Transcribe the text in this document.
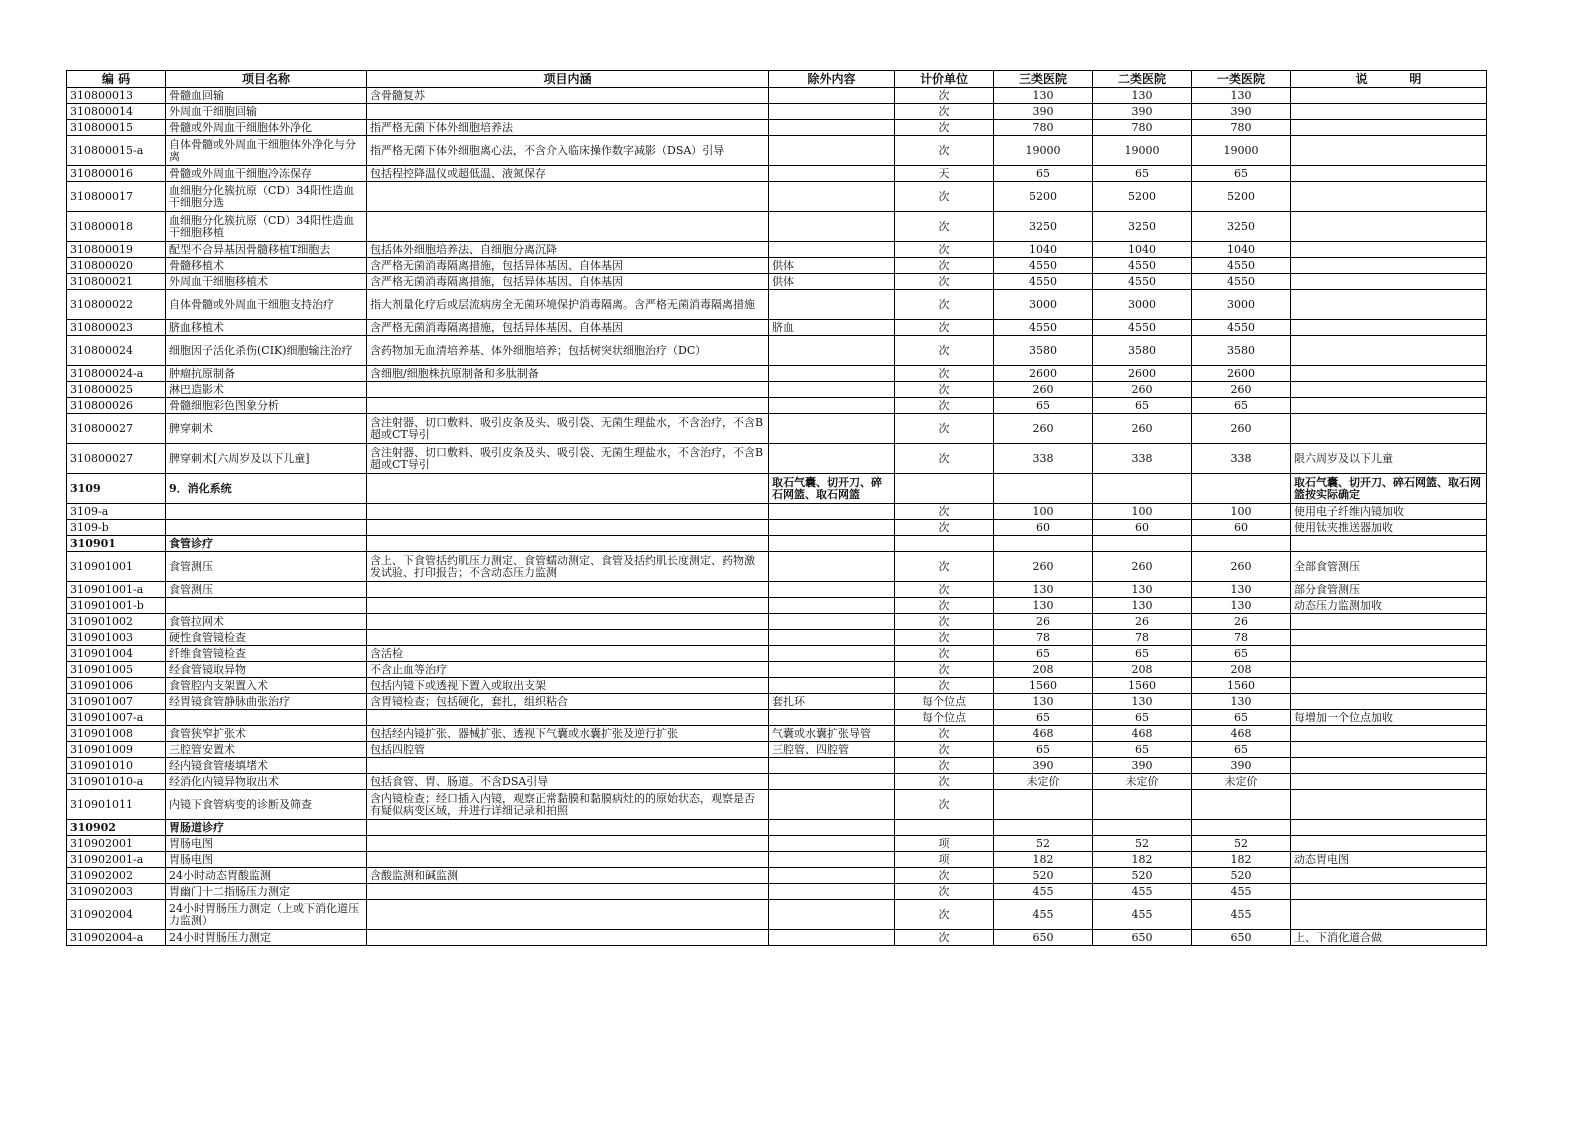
编 码	项目名称	项目内涵	除外内容	计价单位	三类医院	二类医院	一类医院	说          明
310800013	骨髓血回输	含骨髓复苏		次	130	130	130	
310800014	外周血干细胞回输			次	390	390	390	
310800015	骨髓或外周血干细胞体外净化	指严格无菌下体外细胞培养法		次	780	780	780	
310800015-a	自体骨髓或外周血干细胞体外净化与分离	指严格无菌下体外细胞离心法，不含介入临床操作数字减影（DSA）引导		次	19000	19000	19000	
310800016	骨髓或外周血干细胞冷冻保存	包括程控降温仪或超低温、液氮保存		天	65	65	65	
310800017	血细胞分化簇抗原（CD）34阳性造血干细胞分选			次	5200	5200	5200	
310800018	血细胞分化簇抗原（CD）34阳性造血干细胞移植			次	3250	3250	3250	
310800019	配型不合异基因骨髓移植T细胞去	包括体外细胞培养法、自细胞分离沉降		次	1040	1040	1040	
310800020	骨髓移植术	含严格无菌消毒隔离措施，包括异体基因、自体基因	供体	次	4550	4550	4550	
310800021	外周血干细胞移植术	含严格无菌消毒隔离措施，包括异体基因、自体基因	供体	次	4550	4550	4550	
310800022	自体骨髓或外周血干细胞支持治疗	指大剂量化疗后或层流病房全无菌环境保护消毒隔离。含严格无菌消毒隔离措施		次	3000	3000	3000	
310800023	脐血移植术	含严格无菌消毒隔离措施，包括异体基因、自体基因	脐血	次	4550	4550	4550	
310800024	细胞因子活化杀伤(CIK)细胞输注治疗	含药物加无血清培养基、体外细胞培养；包括树突状细胞治疗（DC）		次	3580	3580	3580	
310800024-a	肿瘤抗原制备	含细胞/细胞株抗原制备和多肽制备		次	2600	2600	2600	
310800025	淋巴造影术			次	260	260	260	
310800026	骨髓细胞彩色图象分析			次	65	65	65	
310800027	脾穿刺术	含注射器、切口敷料、吸引皮条及头、吸引袋、无菌生理盐水，不含治疗，不含B超或CT导引		次	260	260	260	
310800027	脾穿刺术[六周岁及以下儿童]	含注射器、切口敷料、吸引皮条及头、吸引袋、无菌生理盐水，不含治疗，不含B超或CT导引		次	338	338	338	限六周岁及以下儿童
3109	9．消化系统		取石气囊、切开刀、碎石网篮、取石网篮					取石气囊、切开刀、碎石网篮、取石网篮按实际确定
3109-a				次	100	100	100	使用电子纤维内镜加收
3109-b				次	60	60	60	使用钛夹推送器加收
310901	食管诊疗							
310901001	食管测压	含上、下食管括约肌压力测定、食管蠕动测定、食管及括约肌长度测定、药物激发试验、打印报告；不含动态压力监测		次	260	260	260	全部食管测压
310901001-a	食管测压			次	130	130	130	部分食管测压
310901001-b				次	130	130	130	动态压力监测加收
310901002	食管拉网术			次	26	26	26	
310901003	硬性食管镜检查			次	78	78	78	
310901004	纤维食管镜检查	含活检		次	65	65	65	
310901005	经食管镜取异物	不含止血等治疗		次	208	208	208	
310901006	食管腔内支架置入术	包括内镜下或透视下置入或取出支架		次	1560	1560	1560	
310901007	经胃镜食管静脉曲张治疗	含胃镜检查；包括硬化，套扎，组织粘合	套扎环	每个位点	130	130	130	
310901007-a				每个位点	65	65	65	每增加一个位点加收
310901008	食管狭窄扩张术	包括经内镜扩张、器械扩张、透视下气囊或水囊扩张及逆行扩张	气囊或水囊扩张导管	次	468	468	468	
310901009	三腔管安置术	包括四腔管	三腔管、四腔管	次	65	65	65	
310901010	经内镜食管瘘填堵术			次	390	390	390	
310901010-a	经消化内镜异物取出术	包括食管、胃、肠道。不含DSA引导		次	未定价	未定价	未定价	
310901011	内镜下食管病变的诊断及筛查	含内镜检查；经口插入内镜，观察正常黏膜和黏膜病灶的的原始状态，观察是否有疑似病变区域，并进行详细记录和拍照		次				
310902	胃肠道诊疗							
310902001	胃肠电图			项	52	52	52	
310902001-a	胃肠电图			项	182	182	182	动态胃电图
310902002	24小时动态胃酸监测	含酸监测和碱监测		次	520	520	520	
310902003	胃幽门十二指肠压力测定			次	455	455	455	
310902004	24小时胃肠压力测定（上或下消化道压力监测）			次	455	455	455	
310902004-a	24小时胃肠压力测定			次	650	650	650	上、下消化道合做
